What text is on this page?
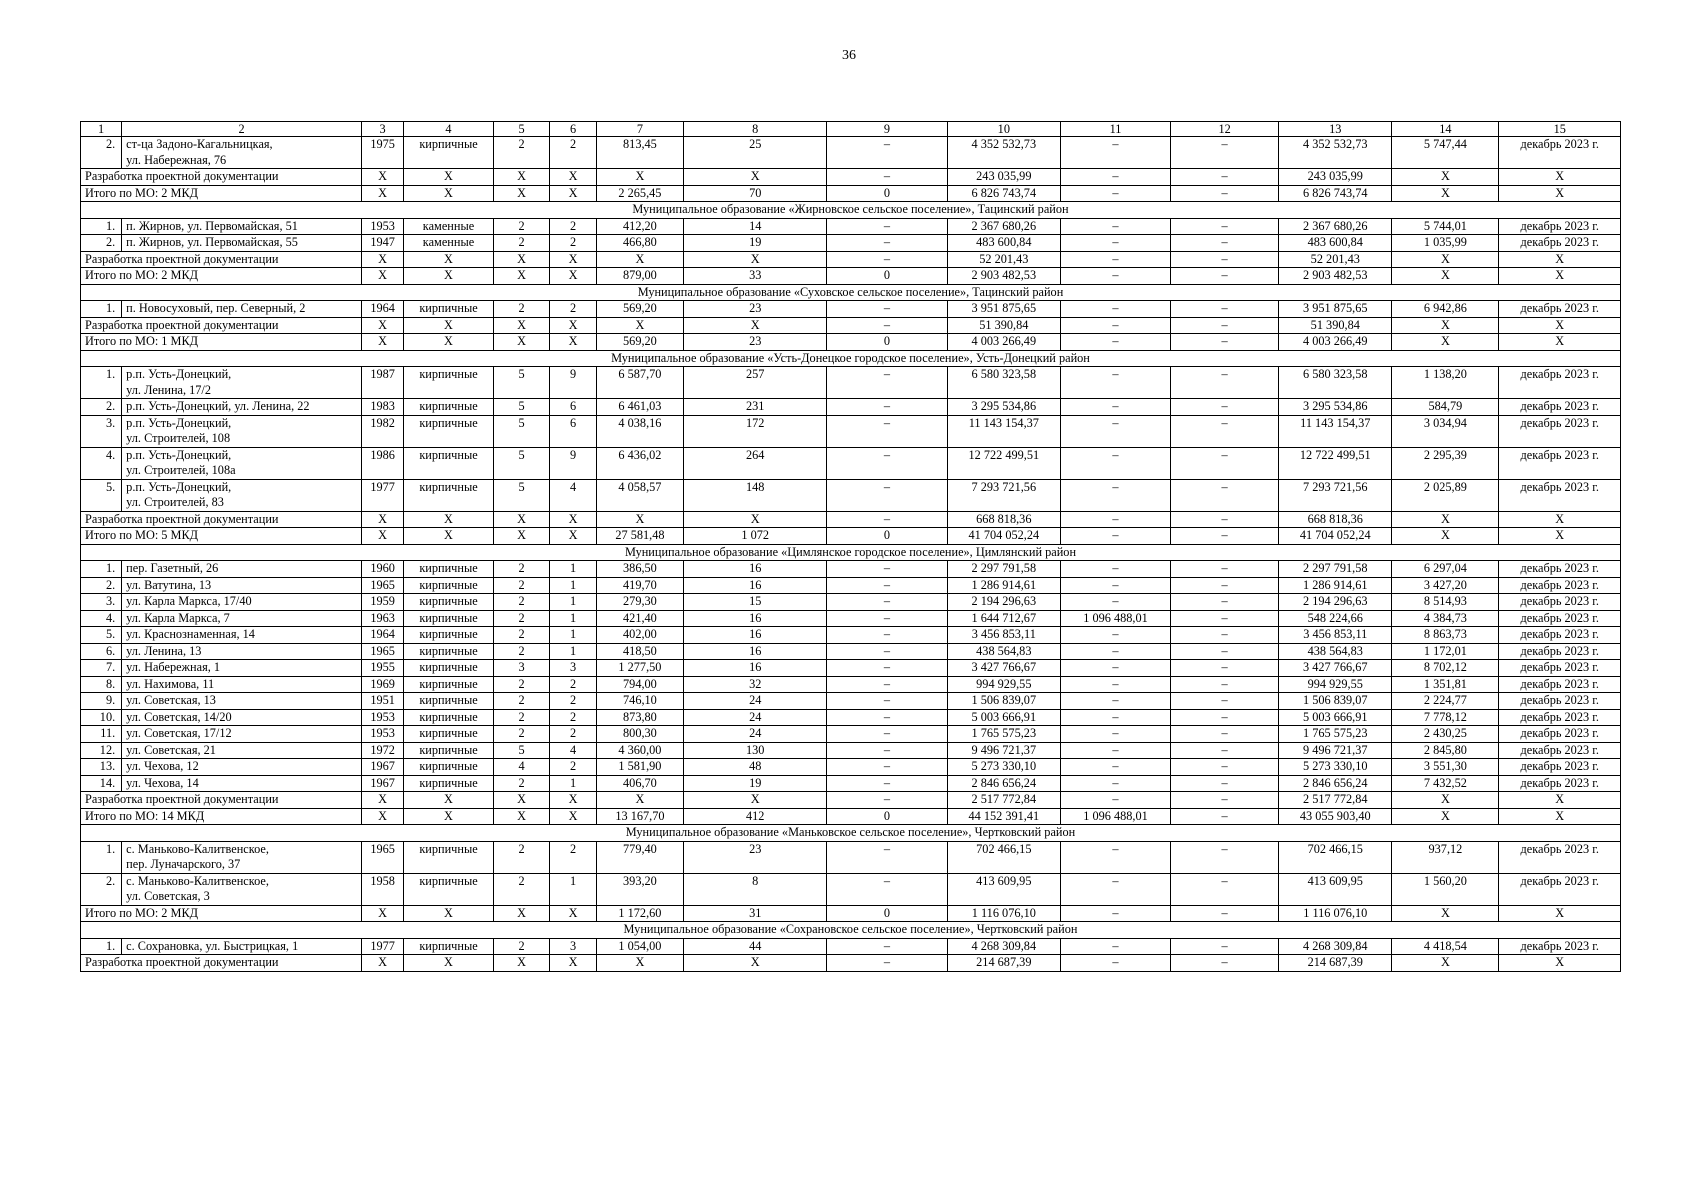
36
1	2	3	4	5	6	7	8	9	10	11	12	13	14	15
2.	ст-ца Задоно-Кагальницкая,
ул. Набережная, 76	1975	кирпичные	2	2	813,45	25	–	4 352 532,73	–	–	4 352 532,73	5 747,44	декабрь 2023 г.
Разработка проектной документации		X	X	X	X	X	X	–	243 035,99	–	–	243 035,99	X	X
Итого по МО: 2 МКД		X	X	X	X	2 265,45	70	0	6 826 743,74	–	–	6 826 743,74	X	X
Муниципальное образование «Жирновское сельское поселение», Тацинский район														
1.	п. Жирнов, ул. Первомайская, 51	1953	каменные	2	2	412,20	14	–	2 367 680,26	–	–	2 367 680,26	5 744,01	декабрь 2023 г.
2.	п. Жирнов, ул. Первомайская, 55	1947	каменные	2	2	466,80	19	–	483 600,84	–	–	483 600,84	1 035,99	декабрь 2023 г.
Разработка проектной документации		X	X	X	X	X	X	–	52 201,43	–	–	52 201,43	X	X
Итого по МО: 2 МКД		X	X	X	X	879,00	33	0	2 903 482,53	–	–	2 903 482,53	X	X
Муниципальное образование «Суховское сельское поселение», Тацинский район														
1.	п. Новосуховый, пер. Северный, 2	1964	кирпичные	2	2	569,20	23	–	3 951 875,65	–	–	3 951 875,65	6 942,86	декабрь 2023 г.
Разработка проектной документации		X	X	X	X	X	X	–	51 390,84	–	–	51 390,84	X	X
Итого по МО: 1 МКД		X	X	X	X	569,20	23	0	4 003 266,49	–	–	4 003 266,49	X	X
Муниципальное образование «Усть-Донецкое городское поселение», Усть-Донецкий район														
1.	р.п. Усть-Донецкий,
ул. Ленина, 17/2	1987	кирпичные	5	9	6 587,70	257	–	6 580 323,58	–	–	6 580 323,58	1 138,20	декабрь 2023 г.
2.	р.п. Усть-Донецкий, ул. Ленина, 22	1983	кирпичные	5	6	6 461,03	231	–	3 295 534,86	–	–	3 295 534,86	584,79	декабрь 2023 г.
3.	р.п. Усть-Донецкий,
ул. Строителей, 108	1982	кирпичные	5	6	4 038,16	172	–	11 143 154,37	–	–	11 143 154,37	3 034,94	декабрь 2023 г.
4.	р.п. Усть-Донецкий,
ул. Строителей, 108а	1986	кирпичные	5	9	6 436,02	264	–	12 722 499,51	–	–	12 722 499,51	2 295,39	декабрь 2023 г.
5.	р.п. Усть-Донецкий,
ул. Строителей, 83	1977	кирпичные	5	4	4 058,57	148	–	7 293 721,56	–	–	7 293 721,56	2 025,89	декабрь 2023 г.
Разработка проектной документации		X	X	X	X	X	X	–	668 818,36	–	–	668 818,36	X	X
Итого по МО: 5 МКД		X	X	X	X	27 581,48	1 072	0	41 704 052,24	–	–	41 704 052,24	X	X
Муниципальное образование «Цимлянское городское поселение», Цимлянский район														
1.	пер. Газетный, 26	1960	кирпичные	2	1	386,50	16	–	2 297 791,58	–	–	2 297 791,58	6 297,04	декабрь 2023 г.
2.	ул. Ватутина, 13	1965	кирпичные	2	1	419,70	16	–	1 286 914,61	–	–	1 286 914,61	3 427,20	декабрь 2023 г.
3.	ул. Карла Маркса, 17/40	1959	кирпичные	2	1	279,30	15	–	2 194 296,63	–	–	2 194 296,63	8 514,93	декабрь 2023 г.
4.	ул. Карла Маркса, 7	1963	кирпичные	2	1	421,40	16	–	1 644 712,67	1 096 488,01	–	548 224,66	4 384,73	декабрь 2023 г.
5.	ул. Краснознаменная, 14	1964	кирпичные	2	1	402,00	16	–	3 456 853,11	–	–	3 456 853,11	8 863,73	декабрь 2023 г.
6.	ул. Ленина, 13	1965	кирпичные	2	1	418,50	16	–	438 564,83	–	–	438 564,83	1 172,01	декабрь 2023 г.
7.	ул. Набережная, 1	1955	кирпичные	3	3	1 277,50	16	–	3 427 766,67	–	–	3 427 766,67	8 702,12	декабрь 2023 г.
8.	ул. Нахимова, 11	1969	кирпичные	2	2	794,00	32	–	994 929,55	–	–	994 929,55	1 351,81	декабрь 2023 г.
9.	ул. Советская, 13	1951	кирпичные	2	2	746,10	24	–	1 506 839,07	–	–	1 506 839,07	2 224,77	декабрь 2023 г.
10.	ул. Советская, 14/20	1953	кирпичные	2	2	873,80	24	–	5 003 666,91	–	–	5 003 666,91	7 778,12	декабрь 2023 г.
11.	ул. Советская, 17/12	1953	кирпичные	2	2	800,30	24	–	1 765 575,23	–	–	1 765 575,23	2 430,25	декабрь 2023 г.
12.	ул. Советская, 21	1972	кирпичные	5	4	4 360,00	130	–	9 496 721,37	–	–	9 496 721,37	2 845,80	декабрь 2023 г.
13.	ул. Чехова, 12	1967	кирпичные	4	2	1 581,90	48	–	5 273 330,10	–	–	5 273 330,10	3 551,30	декабрь 2023 г.
14.	ул. Чехова, 14	1967	кирпичные	2	1	406,70	19	–	2 846 656,24	–	–	2 846 656,24	7 432,52	декабрь 2023 г.
Разработка проектной документации		X	X	X	X	X	X	–	2 517 772,84	–	–	2 517 772,84	X	X
Итого по МО: 14 МКД		X	X	X	X	13 167,70	412	0	44 152 391,41	1 096 488,01	–	43 055 903,40	X	X
Муниципальное образование «Маньковское сельское поселение», Чертковский район														
1.	с. Маньково-Калитвенское,
пер. Луначарского, 37	1965	кирпичные	2	2	779,40	23	–	702 466,15	–	–	702 466,15	937,12	декабрь 2023 г.
2.	с. Маньково-Калитвенское,
ул. Советская, 3	1958	кирпичные	2	1	393,20	8	–	413 609,95	–	–	413 609,95	1 560,20	декабрь 2023 г.
Итого по МО: 2 МКД		X	X	X	X	1 172,60	31	0	1 116 076,10	–	–	1 116 076,10	X	X
Муниципальное образование «Сохрановское сельское поселение», Чертковский район														
1.	с. Сохрановка, ул. Быстрицкая, 1	1977	кирпичные	2	3	1 054,00	44	–	4 268 309,84	–	–	4 268 309,84	4 418,54	декабрь 2023 г.
Разработка проектной документации		X	X	X	X	X	X	–	214 687,39	–	–	214 687,39	X	X
